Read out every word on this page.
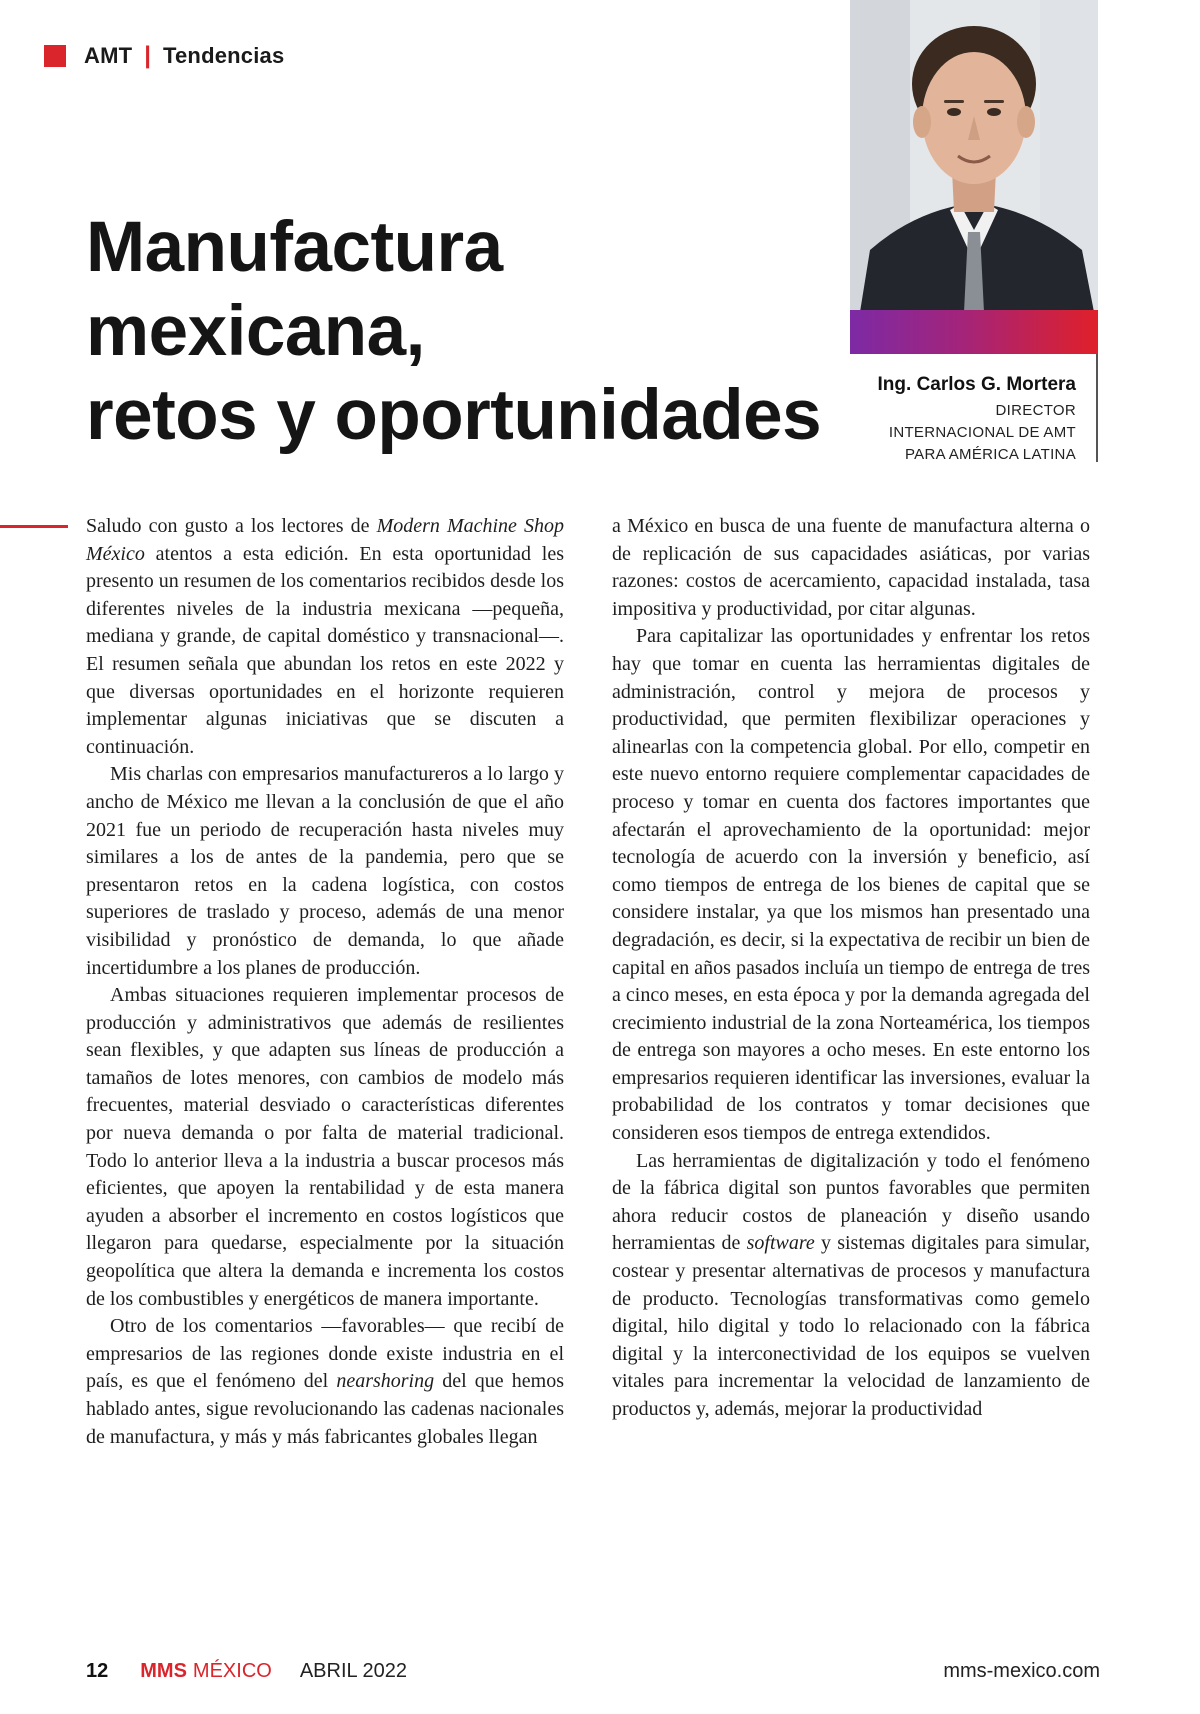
AMT | Tendencias
Manufactura mexicana,
retos y oportunidades	Ing. Carlos G. Mortera
DIRECTOR
INTERNACIONAL DE AMT
PARA AMÉRICA LATINA

Saludo con gusto a los lectores de Modern Machine Shop México atentos a esta edición. En esta oportunidad les presento un resumen de los comentarios recibidos desde los diferentes niveles de la industria mexicana —pequeña, mediana y grande, de capital doméstico y transnacional—. El resumen señala que abundan los retos en este 2022 y que diversas oportunidades en el horizonte requieren implementar algunas iniciativas que se discuten a continuación.

Mis charlas con empresarios manufactureros a lo largo y ancho de México me llevan a la conclusión de que el año 2021 fue un periodo de recuperación hasta niveles muy similares a los de antes de la pandemia, pero que se presentaron retos en la cadena logística, con costos superiores de traslado y proceso, además de una menor visibilidad y pronóstico de demanda, lo que añade incertidumbre a los planes de producción.

Ambas situaciones requieren implementar procesos de producción y administrativos que además de resilientes sean flexibles, y que adapten sus líneas de producción a tamaños de lotes menores, con cambios de modelo más frecuentes, material desviado o características diferentes por nueva demanda o por falta de material tradicional. Todo lo anterior lleva a la industria a buscar procesos más eficientes, que apoyen la rentabilidad y de esta manera ayuden a absorber el incremento en costos logísticos que llegaron para quedarse, especialmente por la situación geopolítica que altera la demanda e incrementa los costos de los combustibles y energéticos de manera importante.

Otro de los comentarios —favorables— que recibí de empresarios de las regiones donde existe industria en el país, es que el fenómeno del nearshoring del que hemos hablado antes, sigue revolucionando las cadenas nacionales de manufactura, y más y más fabricantes globales llegan

a México en busca de una fuente de manufactura alterna o de replicación de sus capacidades asiáticas, por varias razones: costos de acercamiento, capacidad instalada, tasa impositiva y productividad, por citar algunas.

Para capitalizar las oportunidades y enfrentar los retos hay que tomar en cuenta las herramientas digitales de administración, control y mejora de procesos y productividad, que permiten flexibilizar operaciones y alinearlas con la competencia global. Por ello, competir en este nuevo entorno requiere complementar capacidades de proceso y tomar en cuenta dos factores importantes que afectarán el aprovechamiento de la oportunidad: mejor tecnología de acuerdo con la inversión y beneficio, así como tiempos de entrega de los bienes de capital que se considere instalar, ya que los mismos han presentado una degradación, es decir, si la expectativa de recibir un bien de capital en años pasados incluía un tiempo de entrega de tres a cinco meses, en esta época y por la demanda agregada del crecimiento industrial de la zona Norteamérica, los tiempos de entrega son mayores a ocho meses. En este entorno los empresarios requieren identificar las inversiones, evaluar la probabilidad de los contratos y tomar decisiones que consideren esos tiempos de entrega extendidos.

Las herramientas de digitalización y todo el fenómeno de la fábrica digital son puntos favorables que permiten ahora reducir costos de planeación y diseño usando herramientas de software y sistemas digitales para simular, costear y presentar alternativas de procesos y manufactura de producto. Tecnologías transformativas como gemelo digital, hilo digital y todo lo relacionado con la fábrica digital y la interconectividad de los equipos se vuelven vitales para incrementar la velocidad de lanzamiento de productos y, además, mejorar la productividad

12 MMS MÉXICO ABRIL 2022	mms-mexico.com
